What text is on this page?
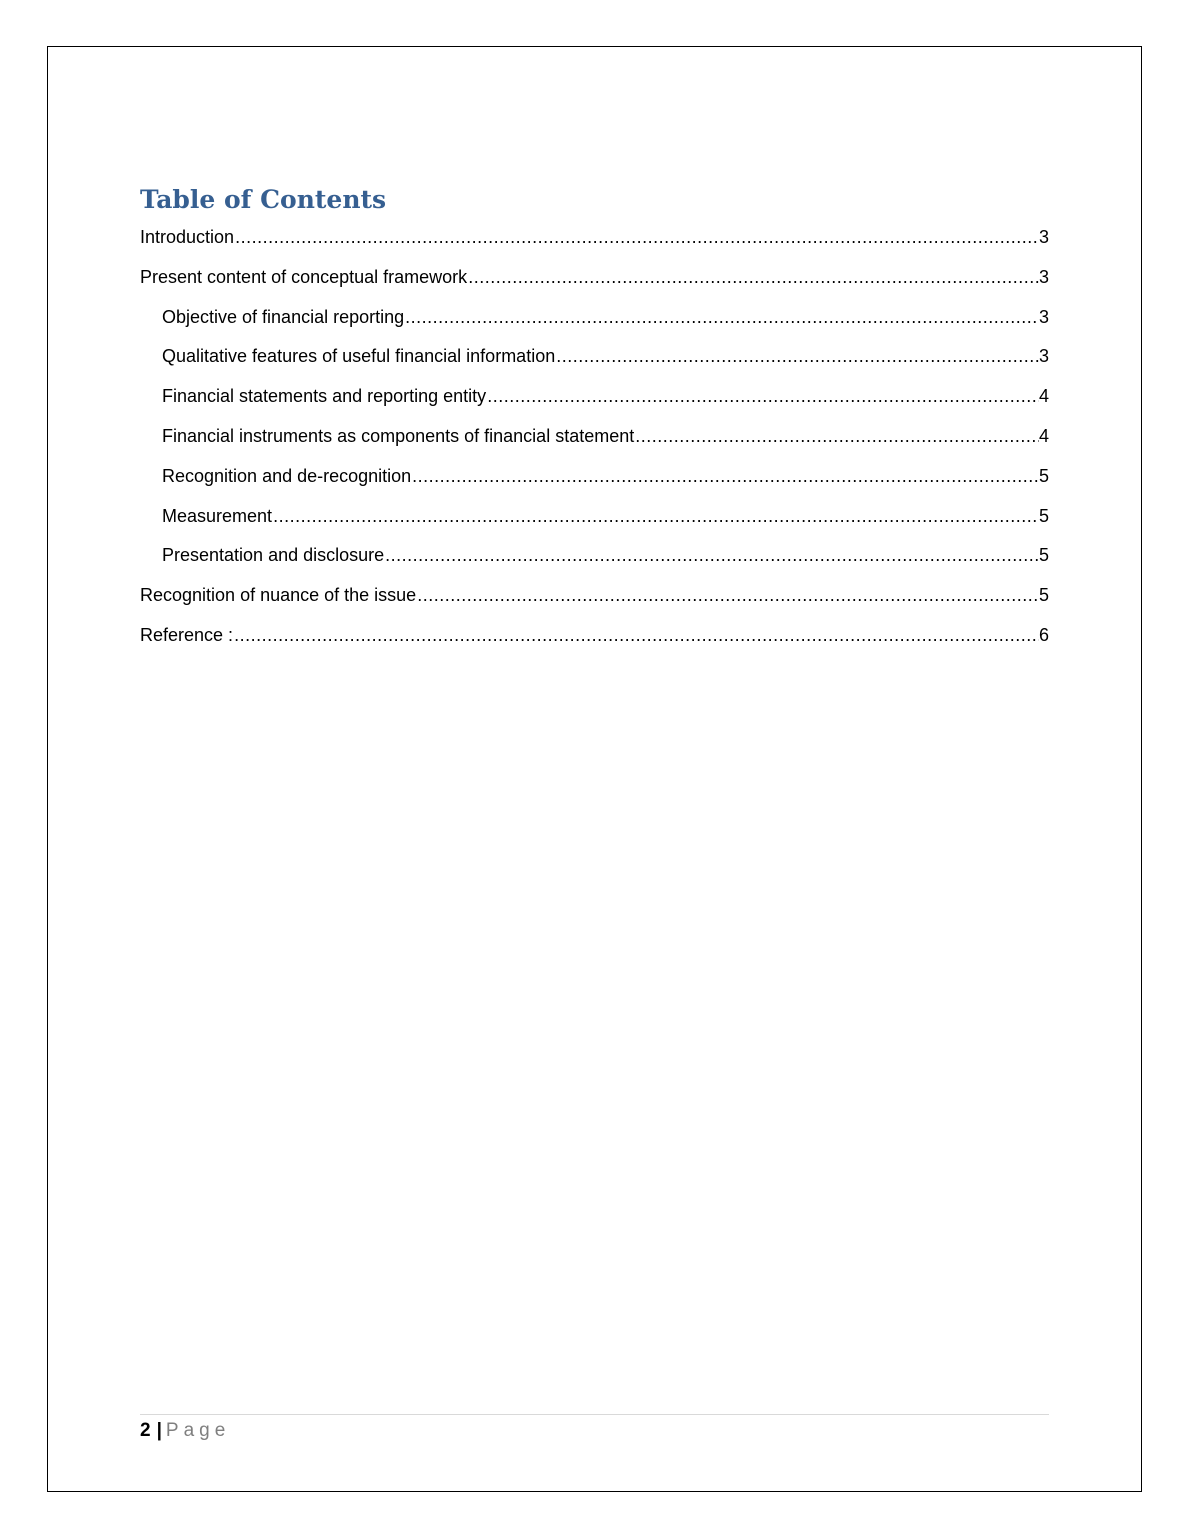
Table of Contents
Introduction .....	3
Present content of conceptual framework .....	3
Objective of financial reporting .....	3
Qualitative features of useful financial information .....	3
Financial statements and reporting entity .....	4
Financial instruments as components of financial statement .....	4
Recognition and de-recognition .....	5
Measurement .....	5
Presentation and disclosure .....	5
Recognition of nuance of the issue .....	5
Reference : .....	6
2 | Page
